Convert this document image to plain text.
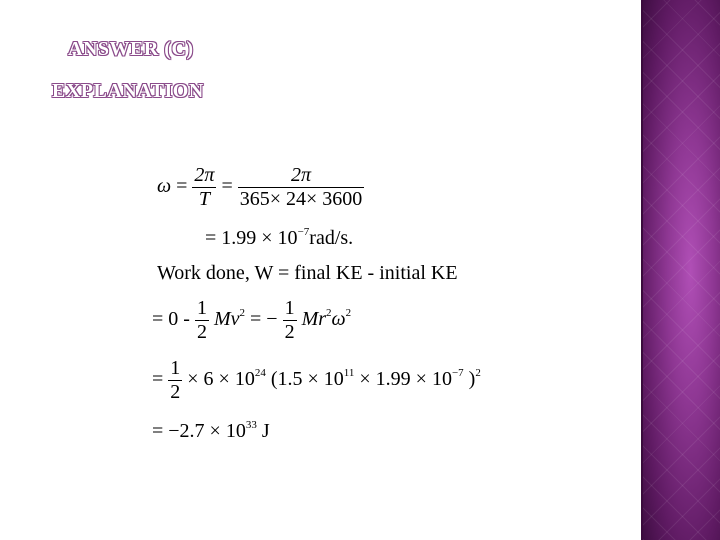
ANSWER (C)
EXPLANATION
$\omega = \frac{2\pi}{T} = \frac{2\pi}{365\times 24\times 3600}$
= $1.99 \times 10^{-7}rad/s$.
Work done, W = final KE - initial KE
= $0 - \frac{1}{2} Mv^2$ = − $\frac{1}{2} Mr^2\omega^2$
= $\frac{1}{2} \times 6 \times 10^{24}$ ($1.5 \times 10^{11} \times 1.99 \times 10^{-7}$ )$^2$
= $-2.7 \times 10^{33}$ J
